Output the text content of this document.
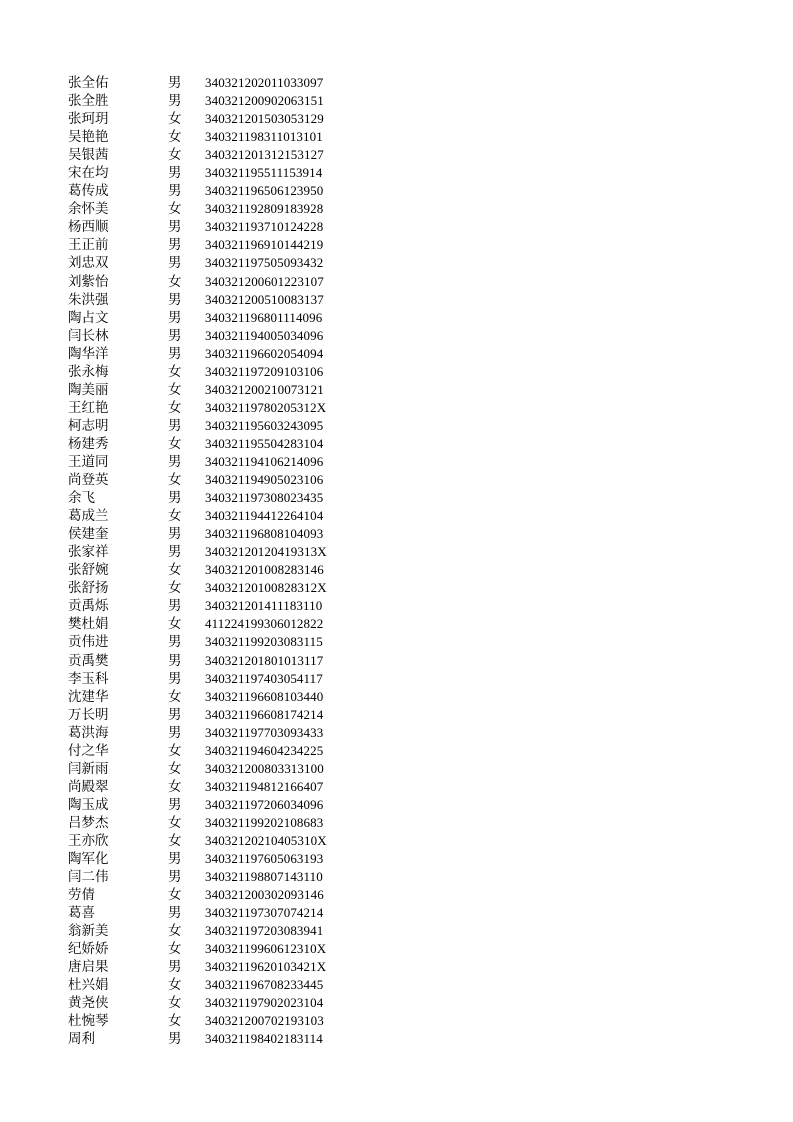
张全佑	男 340321202011033097
张全胜	男 340321200902063151
张珂玥	女 340321201503053129
吴艳艳	女 340321198311013101
吴银茜	女 340321201312153127
宋在均	男 340321195511153914
葛传成	男 340321196506123950
余怀美	女 340321192809183928
杨西顺	男 340321193710124228
王正前	男 340321196910144219
刘忠双	男 340321197505093432
刘紫怡	女 340321200601223107
朱洪强	男 340321200510083137
陶占文	男 340321196801114096
闫长林	男 340321194005034096
陶华洋	男 340321196602054094
张永梅	女 340321197209103106
陶美丽	女 340321200210073121
王红艳	女 34032119780205312X
柯志明	男 340321195603243095
杨建秀	女 340321195504283104
王道同	男 340321194106214096
尚登英	女 340321194905023106
余飞	男 340321197308023435
葛成兰	女 340321194412264104
侯建奎	男 340321196808104093
张家祥	男 34032120120419313X
张舒婉	女 340321201008283146
张舒扬	女 34032120100828312X
贡禹烁	男 340321201411183110
樊杜娟	女 411224199306012822
贡伟进	男 340321199203083115
贡禹樊	男 340321201801013117
李玉科	男 340321197403054117
沈建华	女 340321196608103440
万长明	男 340321196608174214
葛洪海	男 340321197703093433
付之华	女 340321194604234225
闫新雨	女 340321200803313100
尚殿翠	女 340321194812166407
陶玉成	男 340321197206034096
吕梦杰	女 340321199202108683
王亦欣	女 34032120210405310X
陶军化	男 340321197605063193
闫二伟	男 340321198807143110
劳倩	女 340321200302093146
葛喜	男 340321197307074214
翁新美	女 340321197203083941
纪娇娇	女 34032119960612310X
唐启果	男 34032119620103421X
杜兴娟	女 340321196708233445
黄尧侠	女 340321197902023104
杜惋琴	女 340321200702193103
周利	男 340321198402183114
